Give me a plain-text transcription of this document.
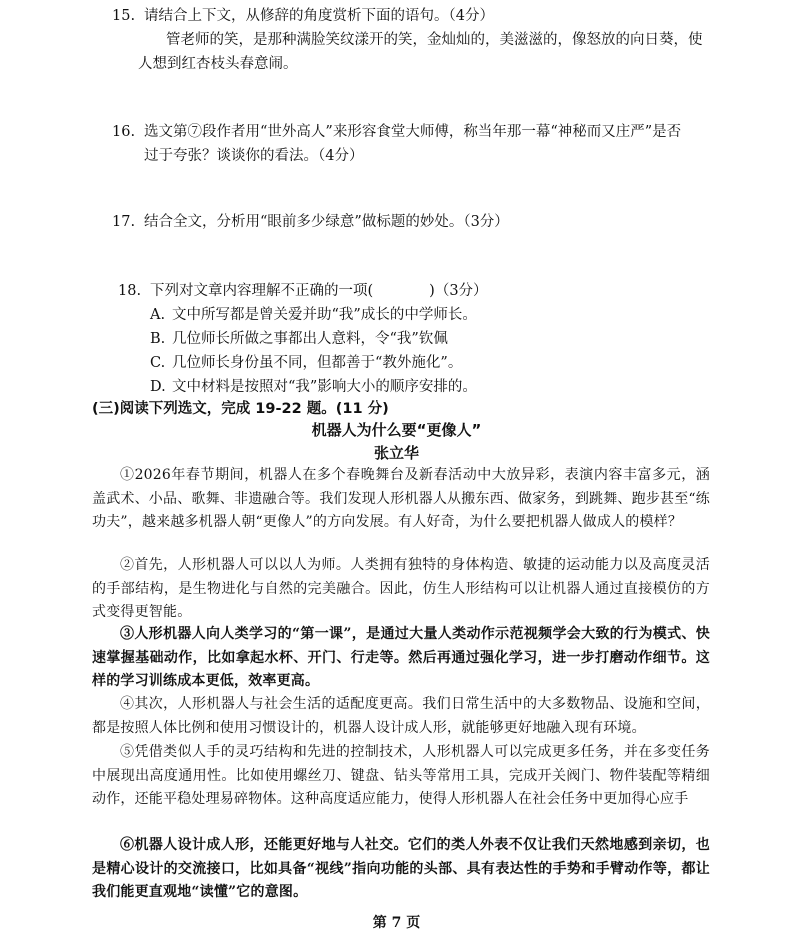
15. 请结合上下文，从修辞的角度赏析下面的语句。（4分）
管老师的笑，是那种满脸笑纹漾开的笑，金灿灿的，美滋滋的，像怒放的向日葵，使
人想到红杏枝头春意闹。
16. 选文第⑦段作者用“世外高人”来形容食堂大师傅，称当年那一幕“神秘而又庄严”是否
过于夸张？谈谈你的看法。（4分）
17. 结合全文，分析用“眼前多少绿意”做标题的妙处。（3分）
18. 下列对文章内容理解不正确的一项(	)（3分）
A. 文中所写都是曾关爱并助“我”成长的中学师长。
B. 几位师长所做之事都出人意料，令“我”钦佩
C. 几位师长身份虽不同，但都善于“教外施化”。
D. 文中材料是按照对“我”影响大小的顺序安排的。
(三)阅读下列选文，完成 19-22 题。(11 分)
机器人为什么要“更像人”
张立华
①2026年春节期间，机器人在多个春晚舞台及新春活动中大放异彩，表演内容丰富多元，涵盖武术、小品、歌舞、非遗融合等。我们发现人形机器人从搬东西、做家务，到跳舞、跑步甚至“练功夫”，越来越多机器人朝“更像人”的方向发展。有人好奇，为什么要把机器人做成人的模样？
②首先，人形机器人可以以人为师。人类拥有独特的身体构造、敏捷的运动能力以及高度灵活的手部结构，是生物进化与自然的完美融合。因此，仿生人形结构可以让机器人通过直接模仿的方式变得更智能。
③人形机器人向人类学习的“第一课”，是通过大量人类动作示范视频学会大致的行为模式、快速掌握基础动作，比如拿起水杯、开门、行走等。然后再通过强化学习，进一步打磨动作细节。这样的学习训练成本更低，效率更高。
④其次，人形机器人与社会生活的适配度更高。我们日常生活中的大多数物品、设施和空间，都是按照人体比例和使用习惯设计的，机器人设计成人形，就能够更好地融入现有环境。
⑤凭借类似人手的灵巧结构和先进的控制技术，人形机器人可以完成更多任务，并在多变任务中展现出高度通用性。比如使用螺丝刀、键盘、钻头等常用工具，完成开关阀门、物件装配等精细动作，还能平稳处理易碎物体。这种高度适应能力，使得人形机器人在社会任务中更加得心应手
⑥机器人设计成人形，还能更好地与人社交。它们的类人外表不仅让我们天然地感到亲切，也是精心设计的交流接口，比如具备“视线”指向功能的头部、具有表达性的手势和手臂动作等，都让我们能更直观地“读懂”它的意图。
第 7 页
